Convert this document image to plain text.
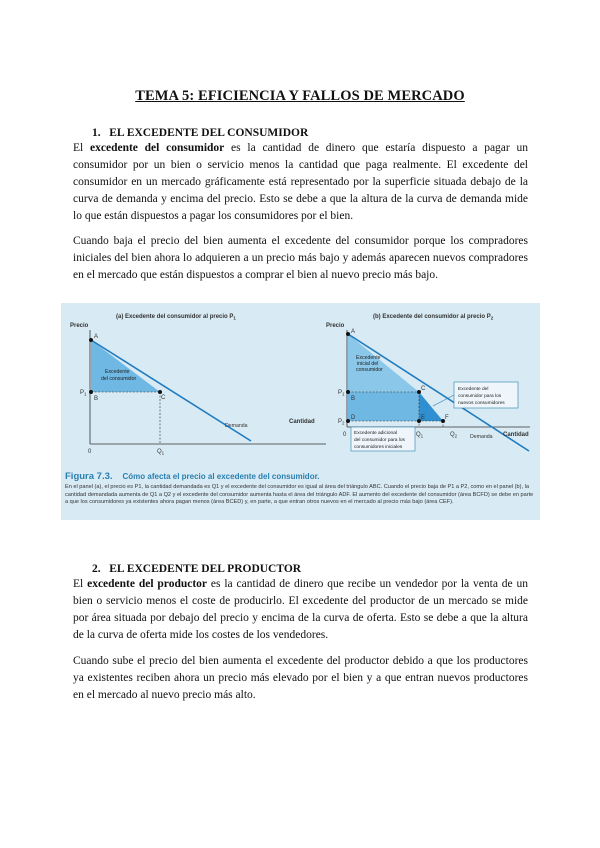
TEMA 5: EFICIENCIA Y FALLOS DE MERCADO
1.   EL EXCEDENTE DEL CONSUMIDOR

El excedente del consumidor es la cantidad de dinero que estaría dispuesto a pagar un consumidor por un bien o servicio menos la cantidad que paga realmente. El excedente del consumidor en un mercado gráficamente está representado por la superficie situada debajo de la curva de demanda y encima del precio. Esto se debe a que la altura de la curva de demanda mide lo que están dispuestos a pagar los consumidores por el bien.

Cuando baja el precio del bien aumenta el excedente del consumidor porque los compradores iniciales del bien ahora lo adquieren a un precio más bajo y además aparecen nuevos compradores en el mercado que están dispuestos a comprar el bien al nuevo precio más bajo.

(a) Excedente del consumidor al precio $P_1$
Precio
A
B	C
$P_1$
0	$Q_1$
Excedente
del consumidor
Demanda
Cantidad
(b) Excedente del consumidor al precio $P_2$
Precio
A
B
C
D	E	F
$P_1$
$P_2$
0	$Q_1$	$Q_2$
Excedente
inicial del
consumidor
Excedente del
consumidor para los
nuevos consumidores
Excedente adicional
del consumidor para los
consumidores iniciales
Demanda Cantidad
Figura 7.3. Cómo afecta el precio al excedente del consumidor.
En el panel (a), el precio es P1, la cantidad demandada es Q1 y el excedente del consumidor es igual al área del triángulo ABC. Cuando el precio baja de P1 a P2, como en el panel (b), la cantidad demandada aumenta de Q1 a Q2 y el excedente del consumidor aumenta hasta el área del triángulo ADF. El aumento del excedente del consumidor (área BCFD) se debe en parte a que los consumidores ya existentes ahora pagan menos (área BCED) y, en parte, a que entran otros nuevos en el mercado al precio más bajo (área CEF).
2.   EL EXCEDENTE DEL PRODUCTOR

El excedente del productor es la cantidad de dinero que recibe un vendedor por la venta de un bien o servicio menos el coste de producirlo. El excedente del productor de un mercado se mide por área situada por debajo del precio y encima de la curva de oferta. Esto se debe a que la altura de la curva de oferta mide los costes de los vendedores.

Cuando sube el precio del bien aumenta el excedente del productor debido a que los productores ya existentes reciben ahora un precio más elevado por el bien y a que entran nuevos productores en el mercado al nuevo precio más alto.
